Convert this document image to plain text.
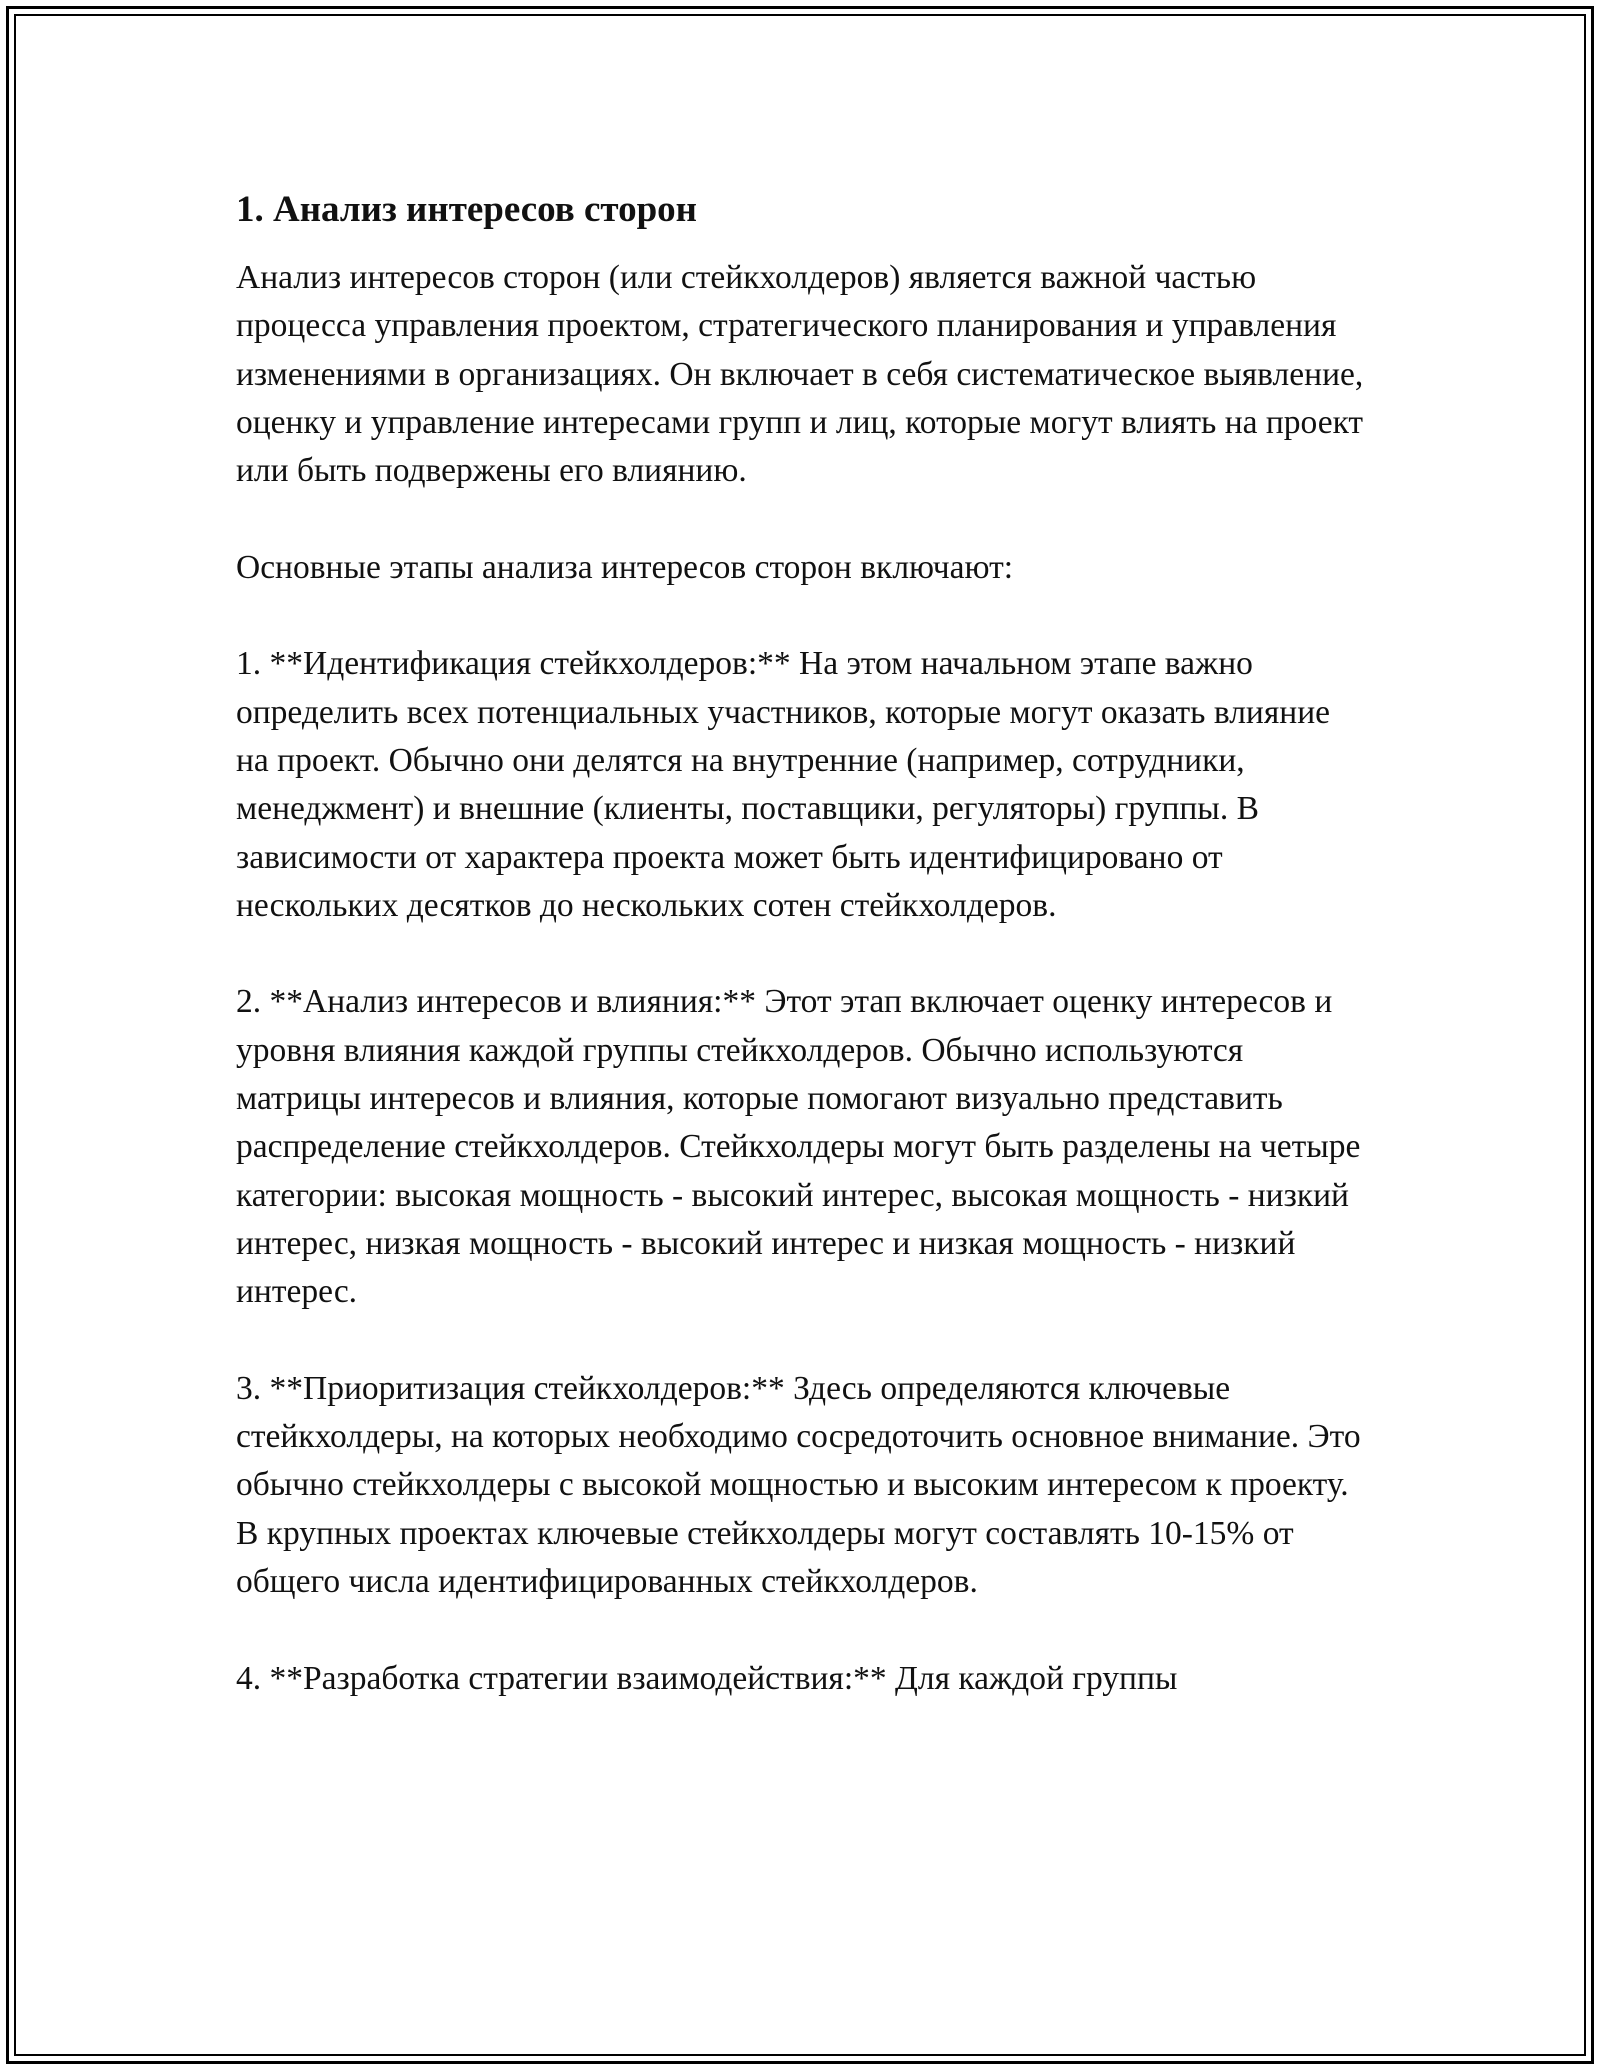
1. Анализ интересов сторон

Анализ интересов сторон (или стейкхолдеров) является важной частью процесса управления проектом, стратегического планирования и управления изменениями в организациях. Он включает в себя систематическое выявление, оценку и управление интересами групп и лиц, которые могут влиять на проект или быть подвержены его влиянию.

Основные этапы анализа интересов сторон включают:

1. **Идентификация стейкхолдеров:** На этом начальном этапе важно определить всех потенциальных участников, которые могут оказать влияние на проект. Обычно они делятся на внутренние (например, сотрудники, менеджмент) и внешние (клиенты, поставщики, регуляторы) группы. В зависимости от характера проекта может быть идентифицировано от нескольких десятков до нескольких сотен стейкхолдеров.

2. **Анализ интересов и влияния:** Этот этап включает оценку интересов и уровня влияния каждой группы стейкхолдеров. Обычно используются матрицы интересов и влияния, которые помогают визуально представить распределение стейкхолдеров. Стейкхолдеры могут быть разделены на четыре категории: высокая мощность - высокий интерес, высокая мощность - низкий интерес, низкая мощность - высокий интерес и низкая мощность - низкий интерес.

3. **Приоритизация стейкхолдеров:** Здесь определяются ключевые стейкхолдеры, на которых необходимо сосредоточить основное внимание. Это обычно стейкхолдеры с высокой мощностью и высоким интересом к проекту. В крупных проектах ключевые стейкхолдеры могут составлять 10-15% от общего числа идентифицированных стейкхолдеров.

4. **Разработка стратегии взаимодействия:** Для каждой группы
